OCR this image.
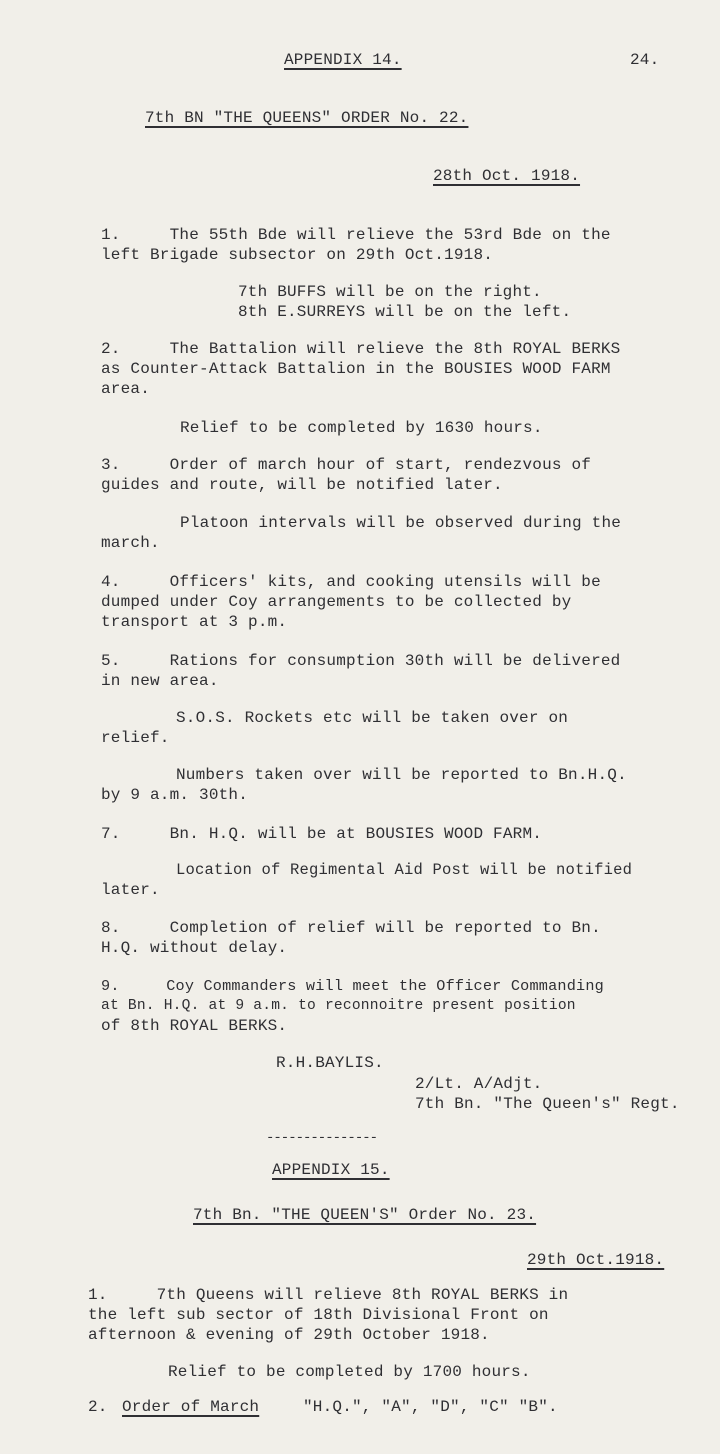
APPENDIX 14.	24.
7th BN "THE QUEENS" ORDER No. 22.
28th Oct. 1918.
1.     The 55th Bde will relieve the 53rd Bde on the
left Brigade subsector on 29th Oct.1918.
7th BUFFS will be on the right.
8th E.SURREYS will be on the left.
2.     The Battalion will relieve the 8th ROYAL BERKS
as Counter-Attack Battalion in the BOUSIES WOOD FARM
area.
Relief to be completed by 1630 hours.
3.     Order of march hour of start, rendezvous of
guides and route, will be notified later.
Platoon intervals will be observed during the
march.
4.     Officers' kits, and cooking utensils will be
dumped under Coy arrangements to be collected by
transport at 3 p.m.
5.     Rations for consumption 30th will be delivered
in new area.
S.O.S. Rockets etc will be taken over on
relief.
Numbers taken over will be reported to Bn.H.Q.
by 9 a.m. 30th.
7.     Bn. H.Q. will be at BOUSIES WOOD FARM.
Location of Regimental Aid Post will be notified
later.
8.     Completion of relief will be reported to Bn.
H.Q. without delay.
9.     Coy Commanders will meet the Officer Commanding
at Bn. H.Q. at 9 a.m. to reconnoitre present position
of 8th ROYAL BERKS.
R.H.BAYLIS.
2/Lt. A/Adjt.
7th Bn. "The Queen's" Regt.
---------------
APPENDIX 15.
7th Bn. "THE QUEEN'S" Order No. 23.
29th Oct.1918.
1.     7th Queens will relieve 8th ROYAL BERKS in
the left sub sector of 18th Divisional Front on
afternoon & evening of 29th October 1918.
Relief to be completed by 1700 hours.
2. Order of March	"H.Q.", "A", "D", "C" "B".
